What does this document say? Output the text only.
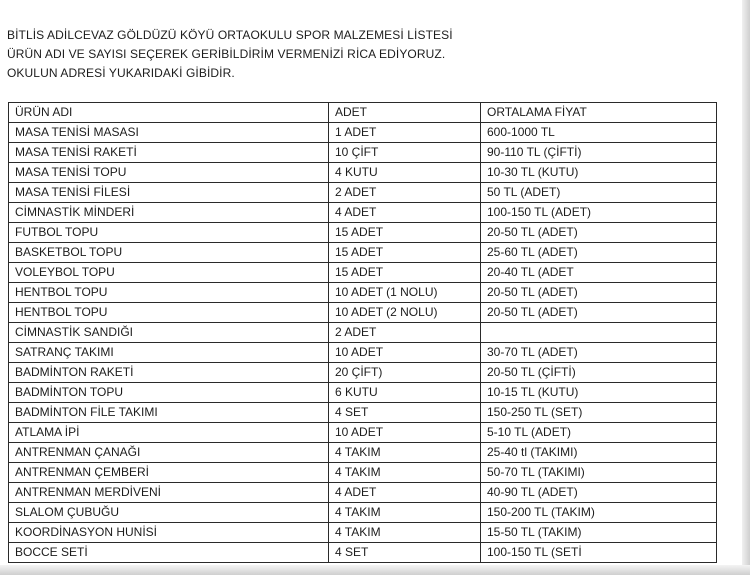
BİTLİS ADİLCEVAZ GÖLDÜZÜ KÖYÜ ORTAOKULU SPOR MALZEMESİ LİSTESİ
ÜRÜN ADI VE SAYISI SEÇEREK GERİBİLDİRİM VERMENİZİ RİCA EDİYORUZ.
OKULUN ADRESİ YUKARIDAKİ GİBİDİR.
ÜRÜN ADI	ADET	ORTALAMA FİYAT
MASA TENİSİ MASASI	1 ADET	600-1000 TL
MASA TENİSİ RAKETİ	10 ÇİFT	90-110 TL (ÇİFTİ)
MASA TENİSİ TOPU	4 KUTU	10-30 TL (KUTU)
MASA TENİSİ FİLESİ	2 ADET	50 TL (ADET)
CİMNASTİK MİNDERİ	4 ADET	100-150 TL (ADET)
FUTBOL TOPU	15 ADET	20-50 TL (ADET)
BASKETBOL TOPU	15 ADET	25-60 TL (ADET)
VOLEYBOL TOPU	15 ADET	20-40 TL (ADET
HENTBOL TOPU	10 ADET (1 NOLU)	20-50 TL (ADET)
HENTBOL TOPU	10 ADET (2 NOLU)	20-50 TL (ADET)
CİMNASTİK SANDIĞI	2 ADET	
SATRANÇ TAKIMI	10 ADET	30-70 TL (ADET)
BADMİNTON RAKETİ	20 ÇİFT)	20-50 TL (ÇİFTİ)
BADMİNTON TOPU	6 KUTU	10-15 TL (KUTU)
BADMİNTON FİLE TAKIMI	4 SET	150-250 TL (SET)
ATLAMA İPİ	10 ADET	5-10 TL (ADET)
ANTRENMAN ÇANAĞI	4 TAKIM	25-40 tl (TAKIMI)
ANTRENMAN ÇEMBERİ	4 TAKIM	50-70 TL (TAKIMI)
ANTRENMAN MERDİVENİ	4 ADET	40-90 TL (ADET)
SLALOM ÇUBUĞU	4 TAKIM	150-200 TL (TAKIM)
KOORDİNASYON HUNİSİ	4 TAKIM	15-50 TL (TAKIM)
BOCCE SETİ	4 SET	100-150 TL (SETİ
